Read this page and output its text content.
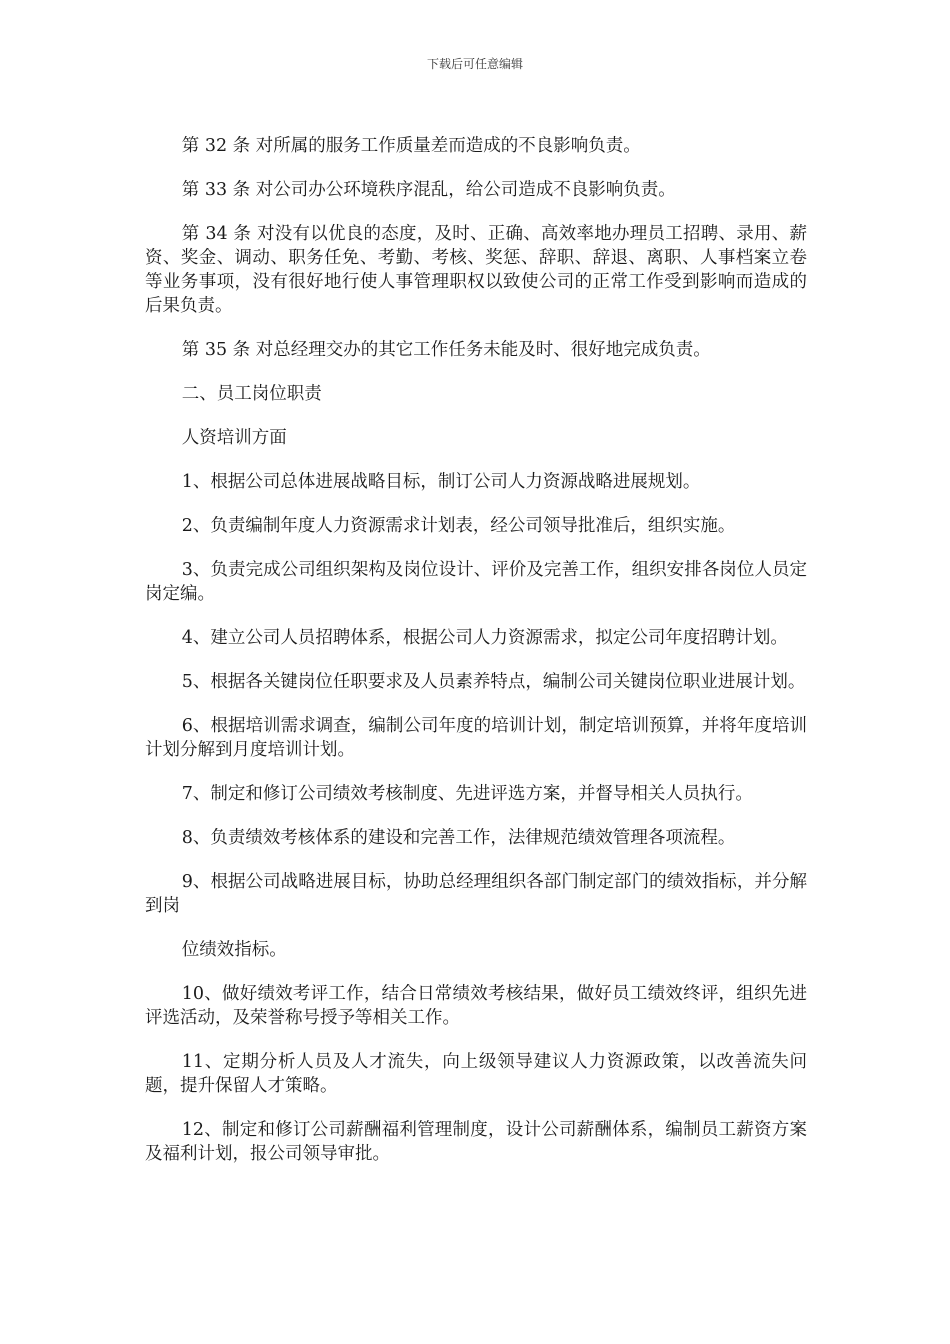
下载后可任意编辑

第 32 条 对所属的服务工作质量差而造成的不良影响负责。

第 33 条 对公司办公环境秩序混乱，给公司造成不良影响负责。

第 34 条 对没有以优良的态度，及时、正确、高效率地办理员工招聘、录用、薪资、奖金、调动、职务任免、考勤、考核、奖惩、辞职、辞退、离职、人事档案立卷等业务事项，没有很好地行使人事管理职权以致使公司的正常工作受到影响而造成的后果负责。

第 35 条 对总经理交办的其它工作任务未能及时、很好地完成负责。

二、员工岗位职责

人资培训方面

1、根据公司总体进展战略目标，制订公司人力资源战略进展规划。

2、负责编制年度人力资源需求计划表，经公司领导批准后，组织实施。

3、负责完成公司组织架构及岗位设计、评价及完善工作，组织安排各岗位人员定岗定编。

4、建立公司人员招聘体系，根据公司人力资源需求，拟定公司年度招聘计划。

5、根据各关键岗位任职要求及人员素养特点，编制公司关键岗位职业进展计划。

6、根据培训需求调查，编制公司年度的培训计划，制定培训预算，并将年度培训计划分解到月度培训计划。

7、制定和修订公司绩效考核制度、先进评选方案，并督导相关人员执行。

8、负责绩效考核体系的建设和完善工作，法律规范绩效管理各项流程。

9、根据公司战略进展目标，协助总经理组织各部门制定部门的绩效指标，并分解到岗

位绩效指标。

10、做好绩效考评工作，结合日常绩效考核结果，做好员工绩效终评，组织先进评选活动，及荣誉称号授予等相关工作。

11、定期分析人员及人才流失，向上级领导建议人力资源政策，以改善流失问题，提升保留人才策略。

12、制定和修订公司薪酬福利管理制度，设计公司薪酬体系，编制员工薪资方案及福利计划，报公司领导审批。
